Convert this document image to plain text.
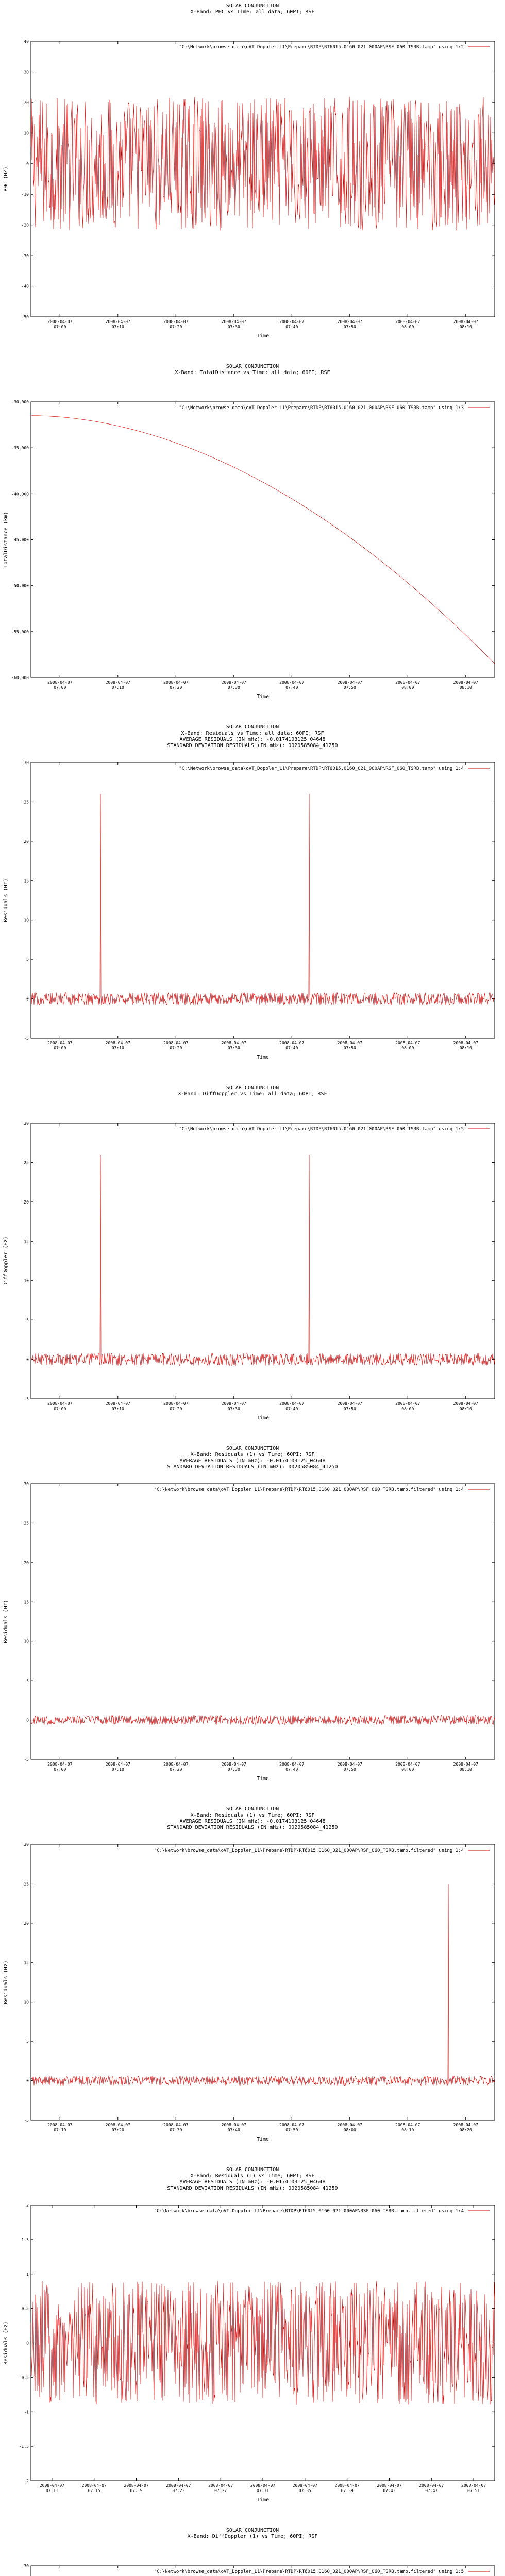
SOLAR CONJUNCTION
X-Band: PHC vs Time: all data; 60PI; RSF
"C:\Network\browse_data\oVT_Doppler_L1\Prepare\RTDP\RT6015.0160_021_000AP\RSF_060_TSRB.tamp" using 1:2
40
30
20
10
0
-10
-20
-30
-40
-50
2008-04-07
07:00
2008-04-07
07:10
2008-04-07
07:20
2008-04-07
07:30
2008-04-07
07:40
2008-04-07
07:50
2008-04-07
08:00
2008-04-07
08:10
Time
PHC (HZ)
SOLAR CONJUNCTION
X-Band: TotalDistance vs Time: all data; 60PI; RSF
"C:\Network\browse_data\oVT_Doppler_L1\Prepare\RTDP\RT6015.0160_021_000AP\RSF_060_TSRB.tamp" using 1:3
-30,000
-35,000
-40,000
-45,000
-50,000
-55,000
-60,000
2008-04-07
07:00
2008-04-07
07:10
2008-04-07
07:20
2008-04-07
07:30
2008-04-07
07:40
2008-04-07
07:50
2008-04-07
08:00
2008-04-07
08:10
Time
TotalDistance (km)
SOLAR CONJUNCTION
X-Band: Residuals vs Time: all data; 60PI; RSF
AVERAGE RESIDUALS (IN mHz): -0.0174103125_04648
STANDARD DEVIATION RESIDUALS (IN mHz): 0020585084_41250
"C:\Network\browse_data\oVT_Doppler_L1\Prepare\RTDP\RT6015.0160_021_000AP\RSF_060_TSRB.tamp" using 1:4
30
25
20
15
10
5
0
-5
2008-04-07
07:00
2008-04-07
07:10
2008-04-07
07:20
2008-04-07
07:30
2008-04-07
07:40
2008-04-07
07:50
2008-04-07
08:00
2008-04-07
08:10
Time
Residuals (Hz)
SOLAR CONJUNCTION
X-Band: DiffDoppler vs Time: all data; 60PI; RSF
"C:\Network\browse_data\oVT_Doppler_L1\Prepare\RTDP\RT6015.0160_021_000AP\RSF_060_TSRB.tamp" using 1:5
30
25
20
15
10
5
0
-5
2008-04-07
07:00
2008-04-07
07:10
2008-04-07
07:20
2008-04-07
07:30
2008-04-07
07:40
2008-04-07
07:50
2008-04-07
08:00
2008-04-07
08:10
Time
DiffDoppler (Hz)
SOLAR CONJUNCTION
X-Band: Residuals (1) vs Time; 60PI; RSF
AVERAGE RESIDUALS (IN mHz): -0.0174103125_04648
STANDARD DEVIATION RESIDUALS (IN mHz): 0020585084_41250
"C:\Network\browse_data\oVT_Doppler_L1\Prepare\RTDP\RT6015.0160_021_000AP\RSF_060_TSRB.tamp.filtered" using 1:4
30
25
20
15
10
5
0
-5
2008-04-07
07:00
2008-04-07
07:10
2008-04-07
07:20
2008-04-07
07:30
2008-04-07
07:40
2008-04-07
07:50
2008-04-07
08:00
2008-04-07
08:10
Time
Residuals (Hz)
SOLAR CONJUNCTION
X-Band: Residuals (1) vs Time; 60PI; RSF
AVERAGE RESIDUALS (IN mHz): -0.0174103125_04648
STANDARD DEVIATION RESIDUALS (IN mHz): 0020585084_41250
"C:\Network\browse_data\oVT_Doppler_L1\Prepare\RTDP\RT6015.0160_021_000AP\RSF_060_TSRB.tamp.filtered" using 1:4
30
25
20
15
10
5
0
-5
2008-04-07
07:10
2008-04-07
07:20
2008-04-07
07:30
2008-04-07
07:40
2008-04-07
07:50
2008-04-07
08:00
2008-04-07
08:10
2008-04-07
08:20
Time
Residuals (Hz)
SOLAR CONJUNCTION
X-Band: Residuals (1) vs Time; 60PI; RSF
AVERAGE RESIDUALS (IN mHz): -0.0174103125_04648
STANDARD DEVIATION RESIDUALS (IN mHz): 0020585084_41250
"C:\Network\browse_data\oVT_Doppler_L1\Prepare\RTDP\RT6015.0160_021_000AP\RSF_060_TSRB.tamp.filtered" using 1:4
2
1.5
1
0.5
0
-0.5
-1
-1.5
-2
2008-04-07
07:11
2008-04-07
07:15
2008-04-07
07:19
2008-04-07
07:23
2008-04-07
07:27
2008-04-07
07:31
2008-04-07
07:35
2008-04-07
07:39
2008-04-07
07:43
2008-04-07
07:47
2008-04-07
07:51
Time
Residuals (Hz)
SOLAR CONJUNCTION
X-Band: DiffDoppler (1) vs Time; 60PI; RSF
"C:\Network\browse_data\oVT_Doppler_L1\Prepare\RTDP\RT6015.0160_021_000AP\RSF_060_TSRB.tamp.filtered" using 1:5
30
